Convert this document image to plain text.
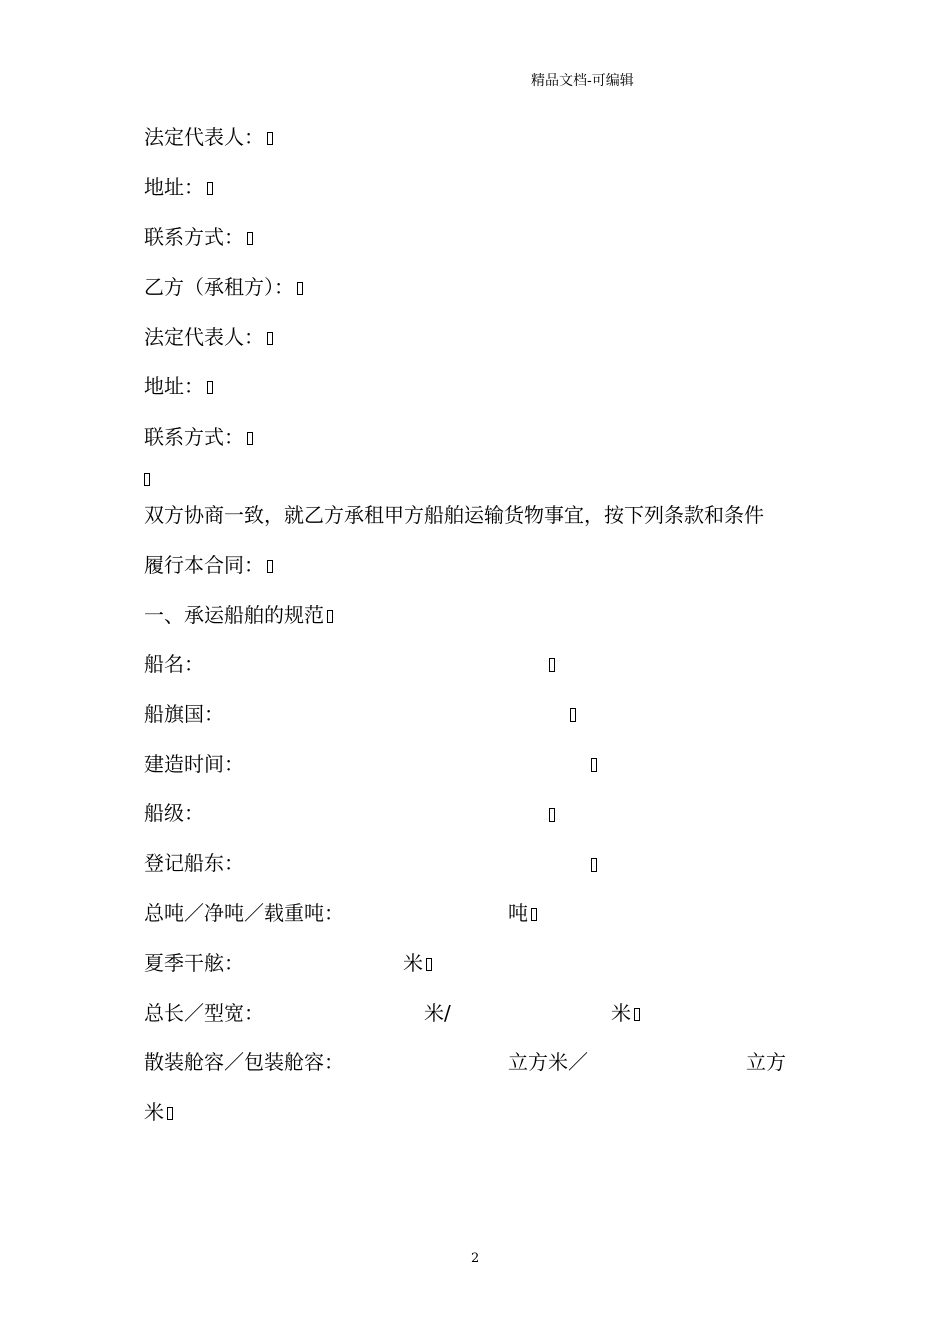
精品文档-可编辑
法定代表人：
地址：
联系方式：
乙方（承租方）：
法定代表人：
地址：
联系方式：
双方协商一致，就乙方承租甲方船舶运输货物事宜，按下列条款和条件
履行本合同：
一、承运船舶的规范
船名：
船旗国：
建造时间：
船级：
登记船东：
总吨／净吨／载重吨：	吨
夏季干舷：	米
总长／型宽：	米/	米
散装舱容／包装舱容：	立方米／	立方
米
2
